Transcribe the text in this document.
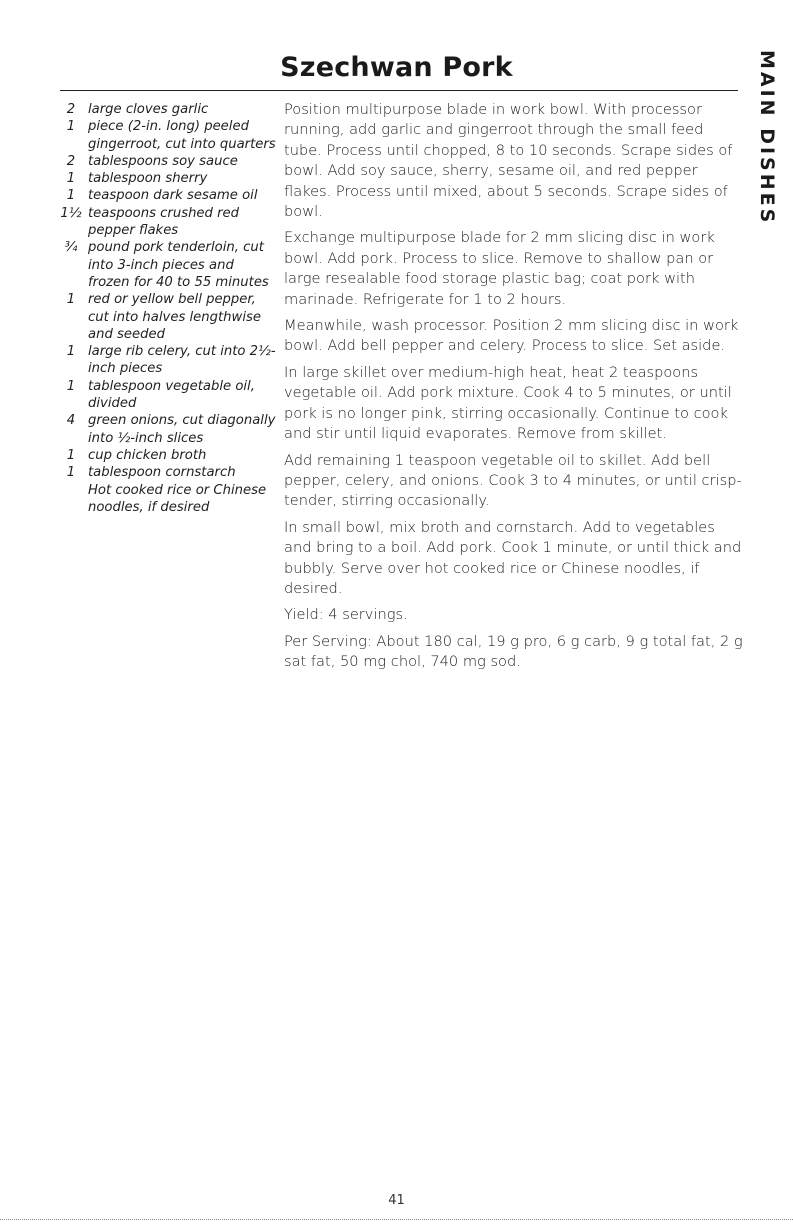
Szechwan Pork	MAIN DISHES
2 large cloves garlic
1 piece (2-in. long) peeled gingerroot, cut into quarters
2 tablespoons soy sauce
1 tablespoon sherry
1 teaspoon dark sesame oil
1½ teaspoons crushed red pepper flakes
¾ pound pork tenderloin, cut into 3-inch pieces and frozen for 40 to 55 minutes
1 red or yellow bell pepper, cut into halves lengthwise and seeded
1 large rib celery, cut into 2½-inch pieces
1 tablespoon vegetable oil, divided
4 green onions, cut diagonally into ½-inch slices
1 cup chicken broth
1 tablespoon cornstarch
Hot cooked rice or Chinese noodles, if desired

Position multipurpose blade in work bowl. With processor running, add garlic and gingerroot through the small feed tube. Process until chopped, 8 to 10 seconds. Scrape sides of bowl. Add soy sauce, sherry, sesame oil, and red pepper flakes. Process until mixed, about 5 seconds. Scrape sides of bowl.

Exchange multipurpose blade for 2 mm slicing disc in work bowl. Add pork. Process to slice. Remove to shallow pan or large resealable food storage plastic bag; coat pork with marinade. Refrigerate for 1 to 2 hours.

Meanwhile, wash processor. Position 2 mm slicing disc in work bowl. Add bell pepper and celery. Process to slice. Set aside.

In large skillet over medium-high heat, heat 2 teaspoons vegetable oil. Add pork mixture. Cook 4 to 5 minutes, or until pork is no longer pink, stirring occasionally. Continue to cook and stir until liquid evaporates. Remove from skillet.

Add remaining 1 teaspoon vegetable oil to skillet. Add bell pepper, celery, and onions. Cook 3 to 4 minutes, or until crisp-tender, stirring occasionally.

In small bowl, mix broth and cornstarch. Add to vegetables and bring to a boil. Add pork. Cook 1 minute, or until thick and bubbly. Serve over hot cooked rice or Chinese noodles, if desired.

Yield: 4 servings.

Per Serving: About 180 cal, 19 g pro, 6 g carb, 9 g total fat, 2 g sat fat, 50 mg chol, 740 mg sod.

41
